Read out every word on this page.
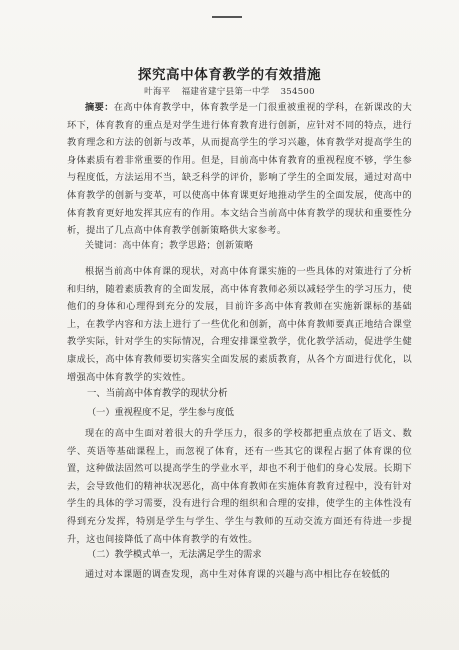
探究高中体育教学的有效措施
叶海平 福建省建宁县第一中学 354500
摘要：在高中体育教学中，体育教学是一门很重被重视的学科，在新课改的大环下，体育教育的重点是对学生进行体育教育进行创新，应针对不同的特点，进行教育理念和方法的创新与改革，从而提高学生的学习兴趣，体育教学对提高学生的身体素质有着非常重要的作用。但是，目前高中体育教育的重视程度不够，学生参与程度低，方法运用不当，缺乏科学的评价，影响了学生的全面发展，通过对高中体育教学的创新与变革，可以使高中体育课更好地推动学生的全面发展，使高中的体育教育更好地发挥其应有的作用。本文结合当前高中体育教学的现状和重要性分析，提出了几点高中体育教学创新策略供大家参考。
关键词：高中体育；教学思路；创新策略
根据当前高中体育课的现状，对高中体育课实施的一些具体的对策进行了分析和归纳，随着素质教育的全面发展，高中体育教师必须以减轻学生的学习压力，使他们的身体和心理得到充分的发展，目前许多高中体育教师在实施新课标的基础上，在教学内容和方法上进行了一些优化和创新，高中体育教师要真正地结合课堂教学实际，针对学生的实际情况，合理安排课堂教学，优化教学活动，促进学生健康成长，高中体育教师要切实落实全面发展的素质教育，从各个方面进行优化，以增强高中体育教学的实效性。
一、当前高中体育教学的现状分析
（一）重视程度不足，学生参与度低
现在的高中生面对着很大的升学压力，很多的学校都把重点放在了语文、数学、英语等基础课程上，而忽视了体育，还有一些其它的课程占据了体育课的位置，这种做法固然可以提高学生的学业水平，却也不利于他们的身心发展。长期下去，会导致他们的精神状况恶化，高中体育教师在实施体育教育过程中，没有针对学生的具体的学习需要，没有进行合理的组织和合理的安排，使学生的主体性没有得到充分发挥，特别是学生与学生、学生与教师的互动交流方面还有待进一步提升，这也间接降低了高中体育教学的有效性。
（二）教学模式单一，无法满足学生的需求
通过对本课题的调查发现，高中生对体育课的兴趣与高中相比存在较低的
